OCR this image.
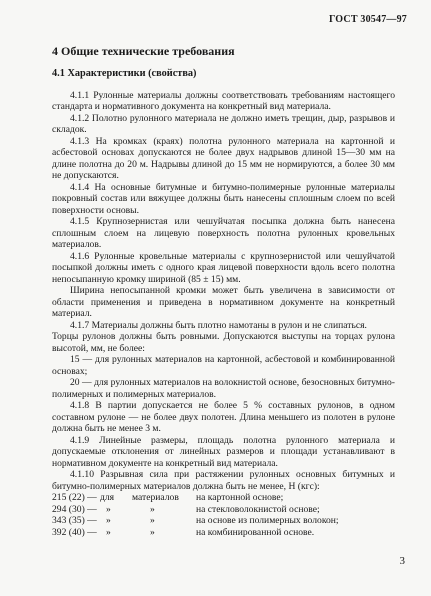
ГОСТ 30547—97
4 Общие технические требования
4.1 Характеристики (свойства)

4.1.1 Рулонные материалы должны соответствовать требованиям настоящего стандарта и нормативного документа на конкретный вид материала.

4.1.2 Полотно рулонного материала не должно иметь трещин, дыр, разрывов и складок.

4.1.3 На кромках (краях) полотна рулонного материала на картонной и асбестовой основах допускаются не более двух надрывов длиной 15—30 мм на длине полотна до 20 м. Надрывы длиной до 15 мм не нормируются, а более 30 мм не допускаются.

4.1.4 На основные битумные и битумно-полимерные рулонные материалы покровный состав или вяжущее должны быть нанесены сплошным слоем по всей поверхности основы.

4.1.5 Крупнозернистая или чешуйчатая посыпка должна быть нанесена сплошным слоем на лицевую поверхность полотна рулонных кровельных материалов.

4.1.6 Рулонные кровельные материалы с крупнозернистой или чешуйчатой посыпкой должны иметь с одного края лицевой поверхности вдоль всего полотна непосыпанную кромку шириной (85 ± 15) мм.

Ширина непосыпанной кромки может быть увеличена в зависимости от области применения и приведена в нормативном документе на конкретный материал.

4.1.7 Материалы должны быть плотно намотаны в рулон и не слипаться.

Торцы рулонов должны быть ровными. Допускаются выступы на торцах рулона высотой, мм, не более:

15 — для рулонных материалов на картонной, асбестовой и комбинированной основах;

20 — для рулонных материалов на волокнистой основе, безосновных битумно-полимерных и полимерных материалов.

4.1.8 В партии допускается не более 5 % составных рулонов, в одном составном рулоне — не более двух полотен. Длина меньшего из полотен в рулоне должна быть не менее 3 м.

4.1.9 Линейные размеры, площадь полотна рулонного материала и допускаемые отклонения от линейных размеров и площади устанавливают в нормативном документе на конкретный вид материала.

4.1.10 Разрывная сила при растяжении рулонных основных битумных и битумно-полимерных материалов должна быть не менее, Н (кгс):

215 (22) — для	материалов	на картонной основе;
294 (30) — »	»	на стекловолокнистой основе;
343 (35) — »	»	на основе из полимерных волокон;
392 (40) — »	»	на комбинированной основе.
3
